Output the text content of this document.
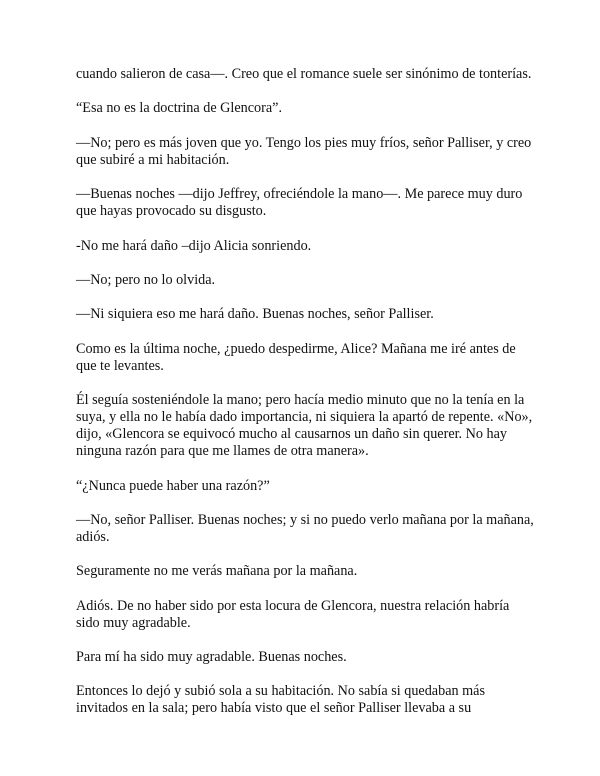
cuando salieron de casa—. Creo que el romance suele ser sinónimo de tonterías.

“Esa no es la doctrina de Glencora”.

—No; pero es más joven que yo. Tengo los pies muy fríos, señor Palliser, y creo que subiré a mi habitación.

—Buenas noches —dijo Jeffrey, ofreciéndole la mano—. Me parece muy duro que hayas provocado su disgusto.

-No me hará daño –dijo Alicia sonriendo.

—No; pero no lo olvida.

—Ni siquiera eso me hará daño. Buenas noches, señor Palliser.

Como es la última noche, ¿puedo despedirme, Alice? Mañana me iré antes de que te levantes.

Él seguía sosteniéndole la mano; pero hacía medio minuto que no la tenía en la suya, y ella no le había dado importancia, ni siquiera la apartó de repente. «No», dijo, «Glencora se equivocó mucho al causarnos un daño sin querer. No hay ninguna razón para que me llames de otra manera».

“¿Nunca puede haber una razón?”

—No, señor Palliser. Buenas noches; y si no puedo verlo mañana por la mañana, adiós.

Seguramente no me verás mañana por la mañana.

Adiós. De no haber sido por esta locura de Glencora, nuestra relación habría sido muy agradable.

Para mí ha sido muy agradable. Buenas noches.

Entonces lo dejó y subió sola a su habitación. No sabía si quedaban más invitados en la sala; pero había visto que el señor Palliser llevaba a su
